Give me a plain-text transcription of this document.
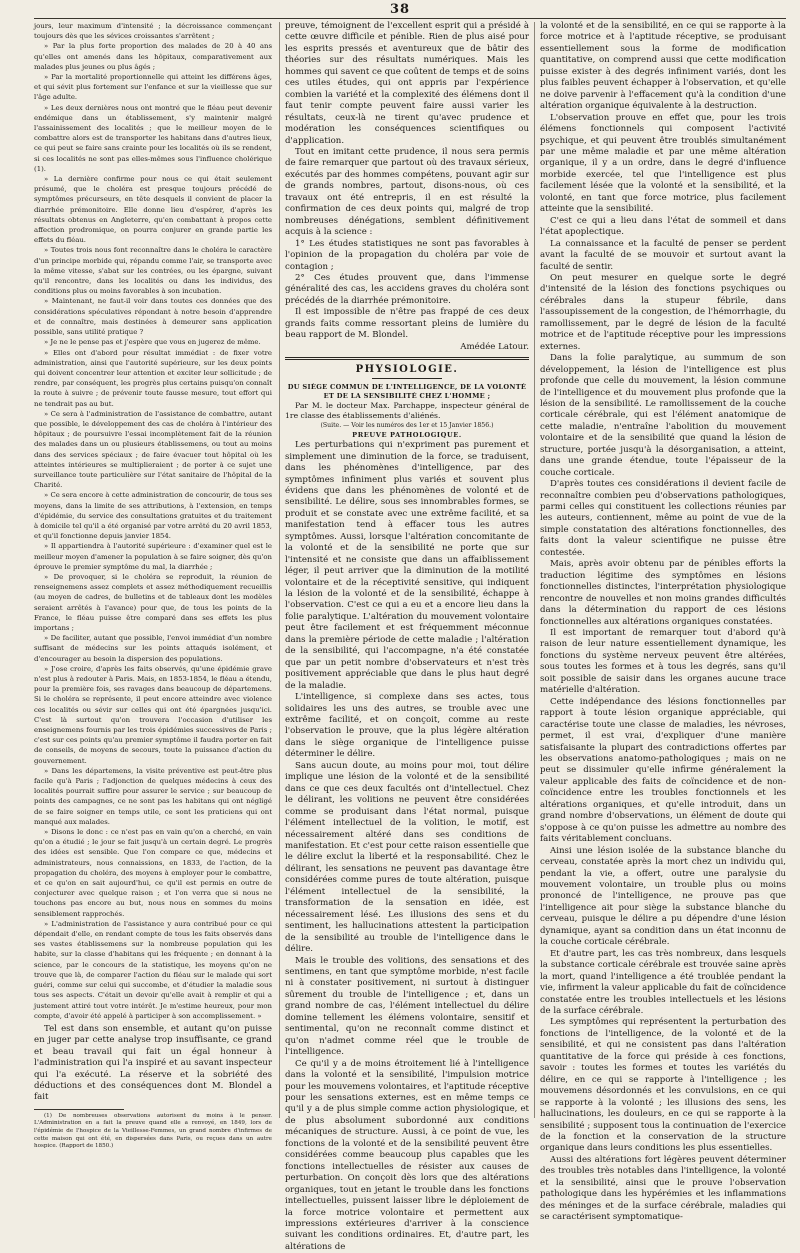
38

jours, leur maximum d'intensité ; la décroissance commençant toujours dès que les sévices croissantes s'arrêtent ;

» Par la plus forte proportion des malades de 20 à 40 ans qu'elles ont amenés dans les hôpitaux, comparativement aux malades plus jeunes ou plus âgés ;

» Par la mortalité proportionnelle qui atteint les différens âges, et qui sévit plus fortement sur l'enfance et sur la vieillesse que sur l'âge adulte.

» Les deux dernières nous ont montré que le fléau peut devenir endémique dans un établissement, s'y maintenir malgré l'assainissement des localités ; que le meilleur moyen de le combattre alors est de transporter les habitans dans d'autres lieux, ce qui peut se faire sans crainte pour les localités où ils se rendent, si ces localités ne sont pas elles-mêmes sous l'influence cholérique (1).

» La dernière confirme pour nous ce qui était seulement présumé, que le choléra est presque toujours précédé de symptômes précurseurs, en tête desquels il convient de placer la diarrhée prémonitoire. Elle donne lieu d'espérer, d'après les résultats obtenus en Angleterre, qu'en combattant à propos cette affection prodromique, on pourra conjurer en grande partie les effets du fléau.

» Toutes trois nous font reconnaître dans le choléra le caractère d'un principe morbide qui, répandu comme l'air, se transporte avec la même vitesse, s'abat sur les contrées, ou les épargne, suivant qu'il rencontre, dans les localités ou dans les individus, des conditions plus ou moins favorables à son incubation.

» Maintenant, ne faut-il voir dans toutes ces données que des considérations spéculatives répondant à notre besoin d'apprendre et de connaître, mais destinées à demeurer sans application possible, sans utilité pratique ?

» Je ne le pense pas et j'espère que vous en jugerez de même.

» Elles ont d'abord pour résultat immédiat : de fixer votre administration, ainsi que l'autorité supérieure, sur les deux points qui doivent concentrer leur attention et exciter leur sollicitude ; de rendre, par conséquent, les progrès plus certains puisqu'on connaît la route à suivre ; de prévenir toute fausse mesure, tout effort qui ne tendrait pas au but.

» Ce sera à l'administration de l'assistance de combattre, autant que possible, le développement des cas de choléra à l'intérieur des hôpitaux ; de poursuivre l'essai incomplètement fait de la réunion des malades dans un ou plusieurs établissemens, ou tout au moins dans des services spéciaux ; de faire évacuer tout hôpital où les atteintes intérieures se multiplieraient ; de porter à ce sujet une surveillance toute particulière sur l'état sanitaire de l'hôpital de la Charité.

» Ce sera encore à cette administration de concourir, de tous ses moyens, dans la limite de ses attributions, à l'extension, en temps d'épidémie, du service des consultations gratuites et du traitement à domicile tel qu'il a été organisé par votre arrêté du 20 avril 1853, et qu'il fonctionne depuis janvier 1854.

» Il appartiendra à l'autorité supérieure : d'examiner quel est le meilleur moyen d'amener la population à se faire soigner, dès qu'on éprouve le premier symptôme du mal, la diarrhée ;

» De provoquer, si le choléra se reproduit, la réunion de renseignemens assez complets et assez méthodiquement recueillis (au moyen de cadres, de bulletins et de tableaux dont les modèles seraient arrêtés à l'avance) pour que, de tous les points de la France, le fléau puisse être comparé dans ses effets les plus importans ;

» De faciliter, autant que possible, l'envoi immédiat d'un nombre suffisant de médecins sur les points attaqués isolément, et d'encourager au besoin la dispersion des populations.

» J'ose croire, d'après les faits observés, qu'une épidémie grave n'est plus à redouter à Paris. Mais, en 1853-1854, le fléau a étendu, pour la première fois, ses ravages dans beaucoup de départemens. Si le choléra se représente, il peut encore atteindre avec violence ces localités ou sévir sur celles qui ont été épargnées jusqu'ici. C'est là surtout qu'on trouvera l'occasion d'utiliser les enseignemens fournis par les trois épidémies successives de Paris ; c'est sur ces points qu'au premier symptôme il faudra porter en fait de conseils, de moyens de secours, toute la puissance d'action du gouvernement.

» Dans les départemens, la visite préventive est peut-être plus facile qu'à Paris ; l'adjonction de quelques médecins à ceux des localités pourrait suffire pour assurer le service ; sur beaucoup de points des campagnes, ce ne sont pas les habitans qui ont négligé de se faire soigner en temps utile, ce sont les praticiens qui ont manqué aux malades.

» Disons le donc : ce n'est pas en vain qu'on a cherché, en vain qu'on a étudié ; le jour se fait jusqu'à un certain degré. Le progrès des idées est sensible. Que l'on compare ce que, médecins et administrateurs, nous connaissions, en 1833, de l'action, de la propagation du choléra, des moyens à employer pour le combattre, et ce qu'on en sait aujourd'hui, ce qu'il est permis en outre de conjecturer avec quelque raison ; et l'on verra que si nous ne touchons pas encore au but, nous nous en sommes du moins sensiblement rapprochés.

» L'administration de l'assistance y aura contribué pour ce qui dépendait d'elle, en rendant compte de tous les faits observés dans ses vastes établissemens sur la nombreuse population qui les habite, sur la classe d'habitans qui les fréquente ; en donnant à la science, par le concours de la statistique, les moyens qu'on ne trouve que là, de comparer l'action du fléau sur le malade qui sort guéri, comme sur celui qui succombe, et d'étudier la maladie sous tous ses aspects. C'était un devoir qu'elle avait à remplir et qui a justement attiré tout votre intérêt. Je m'estime heureux, pour mon compte, d'avoir été appelé à participer à son accomplissement. »

Tel est dans son ensemble, et autant qu'on puisse en juger par cette analyse trop insuffisante, ce grand et beau travail qui fait un égal honneur à l'administration qui l'a inspiré et au savant inspecteur qui l'a exécuté. La réserve et la sobriété des déductions et des conséquences dont M. Blondel a fait

(1) De nombreuses observations autorisent du moins à le penser. L'Administration en a fait la preuve quand elle a renvoyé, en 1849, lors de l'épidémie de l'hospice de la Vieillesse-Femmes, un grand nombre d'infirmes de cette maison qui ont été, en dispersées dans Paris, ou reçues dans un autre hospice. (Rapport de 1850.)

preuve, témoignent de l'excellent esprit qui a présidé à cette œuvre difficile et pénible. Rien de plus aisé pour les esprits pressés et aventureux que de bâtir des théories sur des résultats numériques. Mais les hommes qui savent ce que coûtent de temps et de soins ces utiles études, qui ont appris par l'expérience combien la variété et la complexité des élémens dont il faut tenir compte peuvent faire aussi varier les résultats, ceux-là ne tirent qu'avec prudence et modération les conséquences scientifiques ou d'application.

Tout en imitant cette prudence, il nous sera permis de faire remarquer que partout où des travaux sérieux, exécutés par des hommes compétens, pouvant agir sur de grands nombres, partout, disons-nous, où ces travaux ont été entrepris, il en est résulté la confirmation de ces deux points qui, malgré de trop nombreuses dénégations, semblent définitivement acquis à la science :

1° Les études statistiques ne sont pas favorables à l'opinion de la propagation du choléra par voie de contagion ;

2° Ces études prouvent que, dans l'immense généralité des cas, les accidens graves du choléra sont précédés de la diarrhée prémonitoire.

Il est impossible de n'être pas frappé de ces deux grands faits comme ressortant pleins de lumière du beau rapport de M. Blondel.

Amédée Latour.

PHYSIOLOGIE.

DU SIÈGE COMMUN DE L'INTELLIGENCE, DE LA VOLONTÉ ET DE LA SENSIBILITÉ CHEZ L'HOMME ;

Par M. le docteur Max. Parchappe, inspecteur général de 1re classe des établissements d'aliénés.

(Suite. — Voir les numéros des 1er et 15 Janvier 1856.)

PREUVE PATHOLOGIQUE.

Les perturbations qui n'expriment pas purement et simplement une diminution de la force, se traduisent, dans les phénomènes d'intelligence, par des symptômes infiniment plus variés et souvent plus évidens que dans les phénomènes de volonté et de sensibilité. Le délire, sous ses innombrables formes, se produit et se constate avec une extrême facilité, et sa manifestation tend à effacer tous les autres symptômes. Aussi, lorsque l'altération concomitante de la volonté et de la sensibilité ne porte que sur l'intensité et ne consiste que dans un affaiblissement léger, il peut arriver que la diminution de la motilité volontaire et de la réceptivité sensitive, qui indiquent la lésion de la volonté et de la sensibilité, échappe à l'observation. C'est ce qui a eu et a encore lieu dans la folie paralytique. L'altération du mouvement volontaire peut être facilement et est fréquemment méconnue dans la première période de cette maladie ; l'altération de la sensibilité, qui l'accompagne, n'a été constatée que par un petit nombre d'observateurs et n'est très positivement appréciable que dans le plus haut degré de la maladie.

L'intelligence, si complexe dans ses actes, tous solidaires les uns des autres, se trouble avec une extrême facilité, et on conçoit, comme au reste l'observation le prouve, que la plus légère altération dans le siège organique de l'intelligence puisse déterminer le délire.

Sans aucun doute, au moins pour moi, tout délire implique une lésion de la volonté et de la sensibilité dans ce que ces deux facultés ont d'intellectuel. Chez le délirant, les volitions ne peuvent être considérées comme se produisant dans l'état normal, puisque l'élément intellectuel de la volition, le motif, est nécessairement altéré dans ses conditions de manifestation. Et c'est pour cette raison essentielle que le délire exclut la liberté et la responsabilité. Chez le délirant, les sensations ne peuvent pas davantage être considérées comme pures de toute altération, puisque l'élément intellectuel de la sensibilité, la transformation de la sensation en idée, est nécessairement lésé. Les illusions des sens et du sentiment, les hallucinations attestent la participation de la sensibilité au trouble de l'intelligence dans le délire.

Mais le trouble des volitions, des sensations et des sentimens, en tant que symptôme morbide, n'est facile ni à constater positivement, ni surtout à distinguer sûrement du trouble de l'intelligence ; et, dans un grand nombre de cas, l'élément intellectuel du délire domine tellement les élémens volontaire, sensitif et sentimental, qu'on ne reconnaît comme distinct et qu'on n'admet comme réel que le trouble de l'intelligence.

Ce qu'il y a de moins étroitement lié à l'intelligence dans la volonté et la sensibilité, l'impulsion motrice pour les mouvemens volontaires, et l'aptitude réceptive pour les sensations externes, est en même temps ce qu'il y a de plus simple comme action physiologique, et de plus absolument subordonné aux conditions mécaniques de structure. Aussi, à ce point de vue, les fonctions de la volonté et de la sensibilité peuvent être considérées comme beaucoup plus capables que les fonctions intellectuelles de résister aux causes de perturbation. On conçoit dès lors que des altérations organiques, tout en jetant le trouble dans les fonctions intellectuelles, puissent laisser libre le déploiement de la force motrice volontaire et permettent aux impressions extérieures d'arriver à la conscience suivant les conditions ordinaires. Et, d'autre part, les altérations de

la volonté et de la sensibilité, en ce qui se rapporte à la force motrice et à l'aptitude réceptive, se produisant essentiellement sous la forme de modification quantitative, on comprend aussi que cette modification puisse exister à des degrés infiniment variés, dont les plus faibles peuvent échapper à l'observation, et qu'elle ne doive parvenir à l'effacement qu'à la condition d'une altération organique équivalente à la destruction.

L'observation prouve en effet que, pour les trois élémens fonctionnels qui composent l'activité psychique, et qui peuvent être troublés simultanément par une même maladie et par une même altération organique, il y a un ordre, dans le degré d'influence morbide exercée, tel que l'intelligence est plus facilement lésée que la volonté et la sensibilité, et la volonté, en tant que force motrice, plus facilement atteinte que la sensibilité.

C'est ce qui a lieu dans l'état de sommeil et dans l'état apoplectique.

La connaissance et la faculté de penser se perdent avant la faculté de se mouvoir et surtout avant la faculté de sentir.

On peut mesurer en quelque sorte le degré d'intensité de la lésion des fonctions psychiques ou cérébrales dans la stupeur fébrile, dans l'assoupissement de la congestion, de l'hémorrhagie, du ramollissement, par le degré de lésion de la faculté motrice et de l'aptitude réceptive pour les impressions externes.

Dans la folie paralytique, au summum de son développement, la lésion de l'intelligence est plus profonde que celle du mouvement, la lésion commune de l'intelligence et du mouvement plus profonde que la lésion de la sensibilité. Le ramollissement de la couche corticale cérébrale, qui est l'élément anatomique de cette maladie, n'entraîne l'abolition du mouvement volontaire et de la sensibilité que quand la lésion de structure, portée jusqu'à la désorganisation, a atteint, dans une grande étendue, toute l'épaisseur de la couche corticale.

D'après toutes ces considérations il devient facile de reconnaître combien peu d'observations pathologiques, parmi celles qui constituent les collections réunies par les auteurs, contiennent, même au point de vue de la simple constatation des altérations fonctionnelles, des faits dont la valeur scientifique ne puisse être contestée.

Mais, après avoir obtenu par de pénibles efforts la traduction légitime des symptômes en lésions fonctionnelles distinctes, l'interprétation physiologique rencontre de nouvelles et non moins grandes difficultés dans la détermination du rapport de ces lésions fonctionnelles aux altérations organiques constatées.

Il est important de remarquer tout d'abord qu'à raison de leur nature essentiellement dynamique, les fonctions du système nerveux peuvent être altérées, sous toutes les formes et à tous les degrés, sans qu'il soit possible de saisir dans les organes aucune trace matérielle d'altération.

Cette indépendance des lésions fonctionnelles par rapport à toute lésion organique appréciable, qui caractérise toute une classe de maladies, les névroses, permet, il est vrai, d'expliquer d'une manière satisfaisante la plupart des contradictions offertes par les observations anatomo-pathologiques ; mais on ne peut se dissimuler qu'elle infirme généralement la valeur applicable des faits de coïncidence et de non-coïncidence entre les troubles fonctionnels et les altérations organiques, et qu'elle introduit, dans un grand nombre d'observations, un élément de doute qui s'oppose à ce qu'on puisse les admettre au nombre des faits véritablement concluans.

Ainsi une lésion isolée de la substance blanche du cerveau, constatée après la mort chez un individu qui, pendant la vie, a offert, outre une paralysie du mouvement volontaire, un trouble plus ou moins prononcé de l'intelligence, ne prouve pas que l'intelligence ait pour siège la substance blanche du cerveau, puisque le délire a pu dépendre d'une lésion dynamique, ayant sa condition dans un état inconnu de la couche corticale cérébrale.

Et d'autre part, les cas très nombreux, dans lesquels la substance corticale cérébrale est trouvée saine après la mort, quand l'intelligence a été troublée pendant la vie, infirment la valeur applicable du fait de coïncidence constatée entre les troubles intellectuels et les lésions de la surface cérébrale.

Les symptômes qui représentent la perturbation des fonctions de l'intelligence, de la volonté et de la sensibilité, et qui ne consistent pas dans l'altération quantitative de la force qui préside à ces fonctions, savoir : toutes les formes et toutes les variétés du délire, en ce qui se rapporte à l'intelligence ; les mouvemens désordonnés et les convulsions, en ce qui se rapporte à la volonté ; les illusions des sens, les hallucinations, les douleurs, en ce qui se rapporte à la sensibilité ; supposent tous la continuation de l'exercice de la fonction et la conservation de la structure organique dans leurs conditions les plus essentielles.

Aussi des altérations fort légères peuvent déterminer des troubles très notables dans l'intelligence, la volonté et la sensibilité, ainsi que le prouve l'observation pathologique dans les hypérémies et les inflammations des méninges et de la surface cérébrale, maladies qui se caractérisent symptomatique-
